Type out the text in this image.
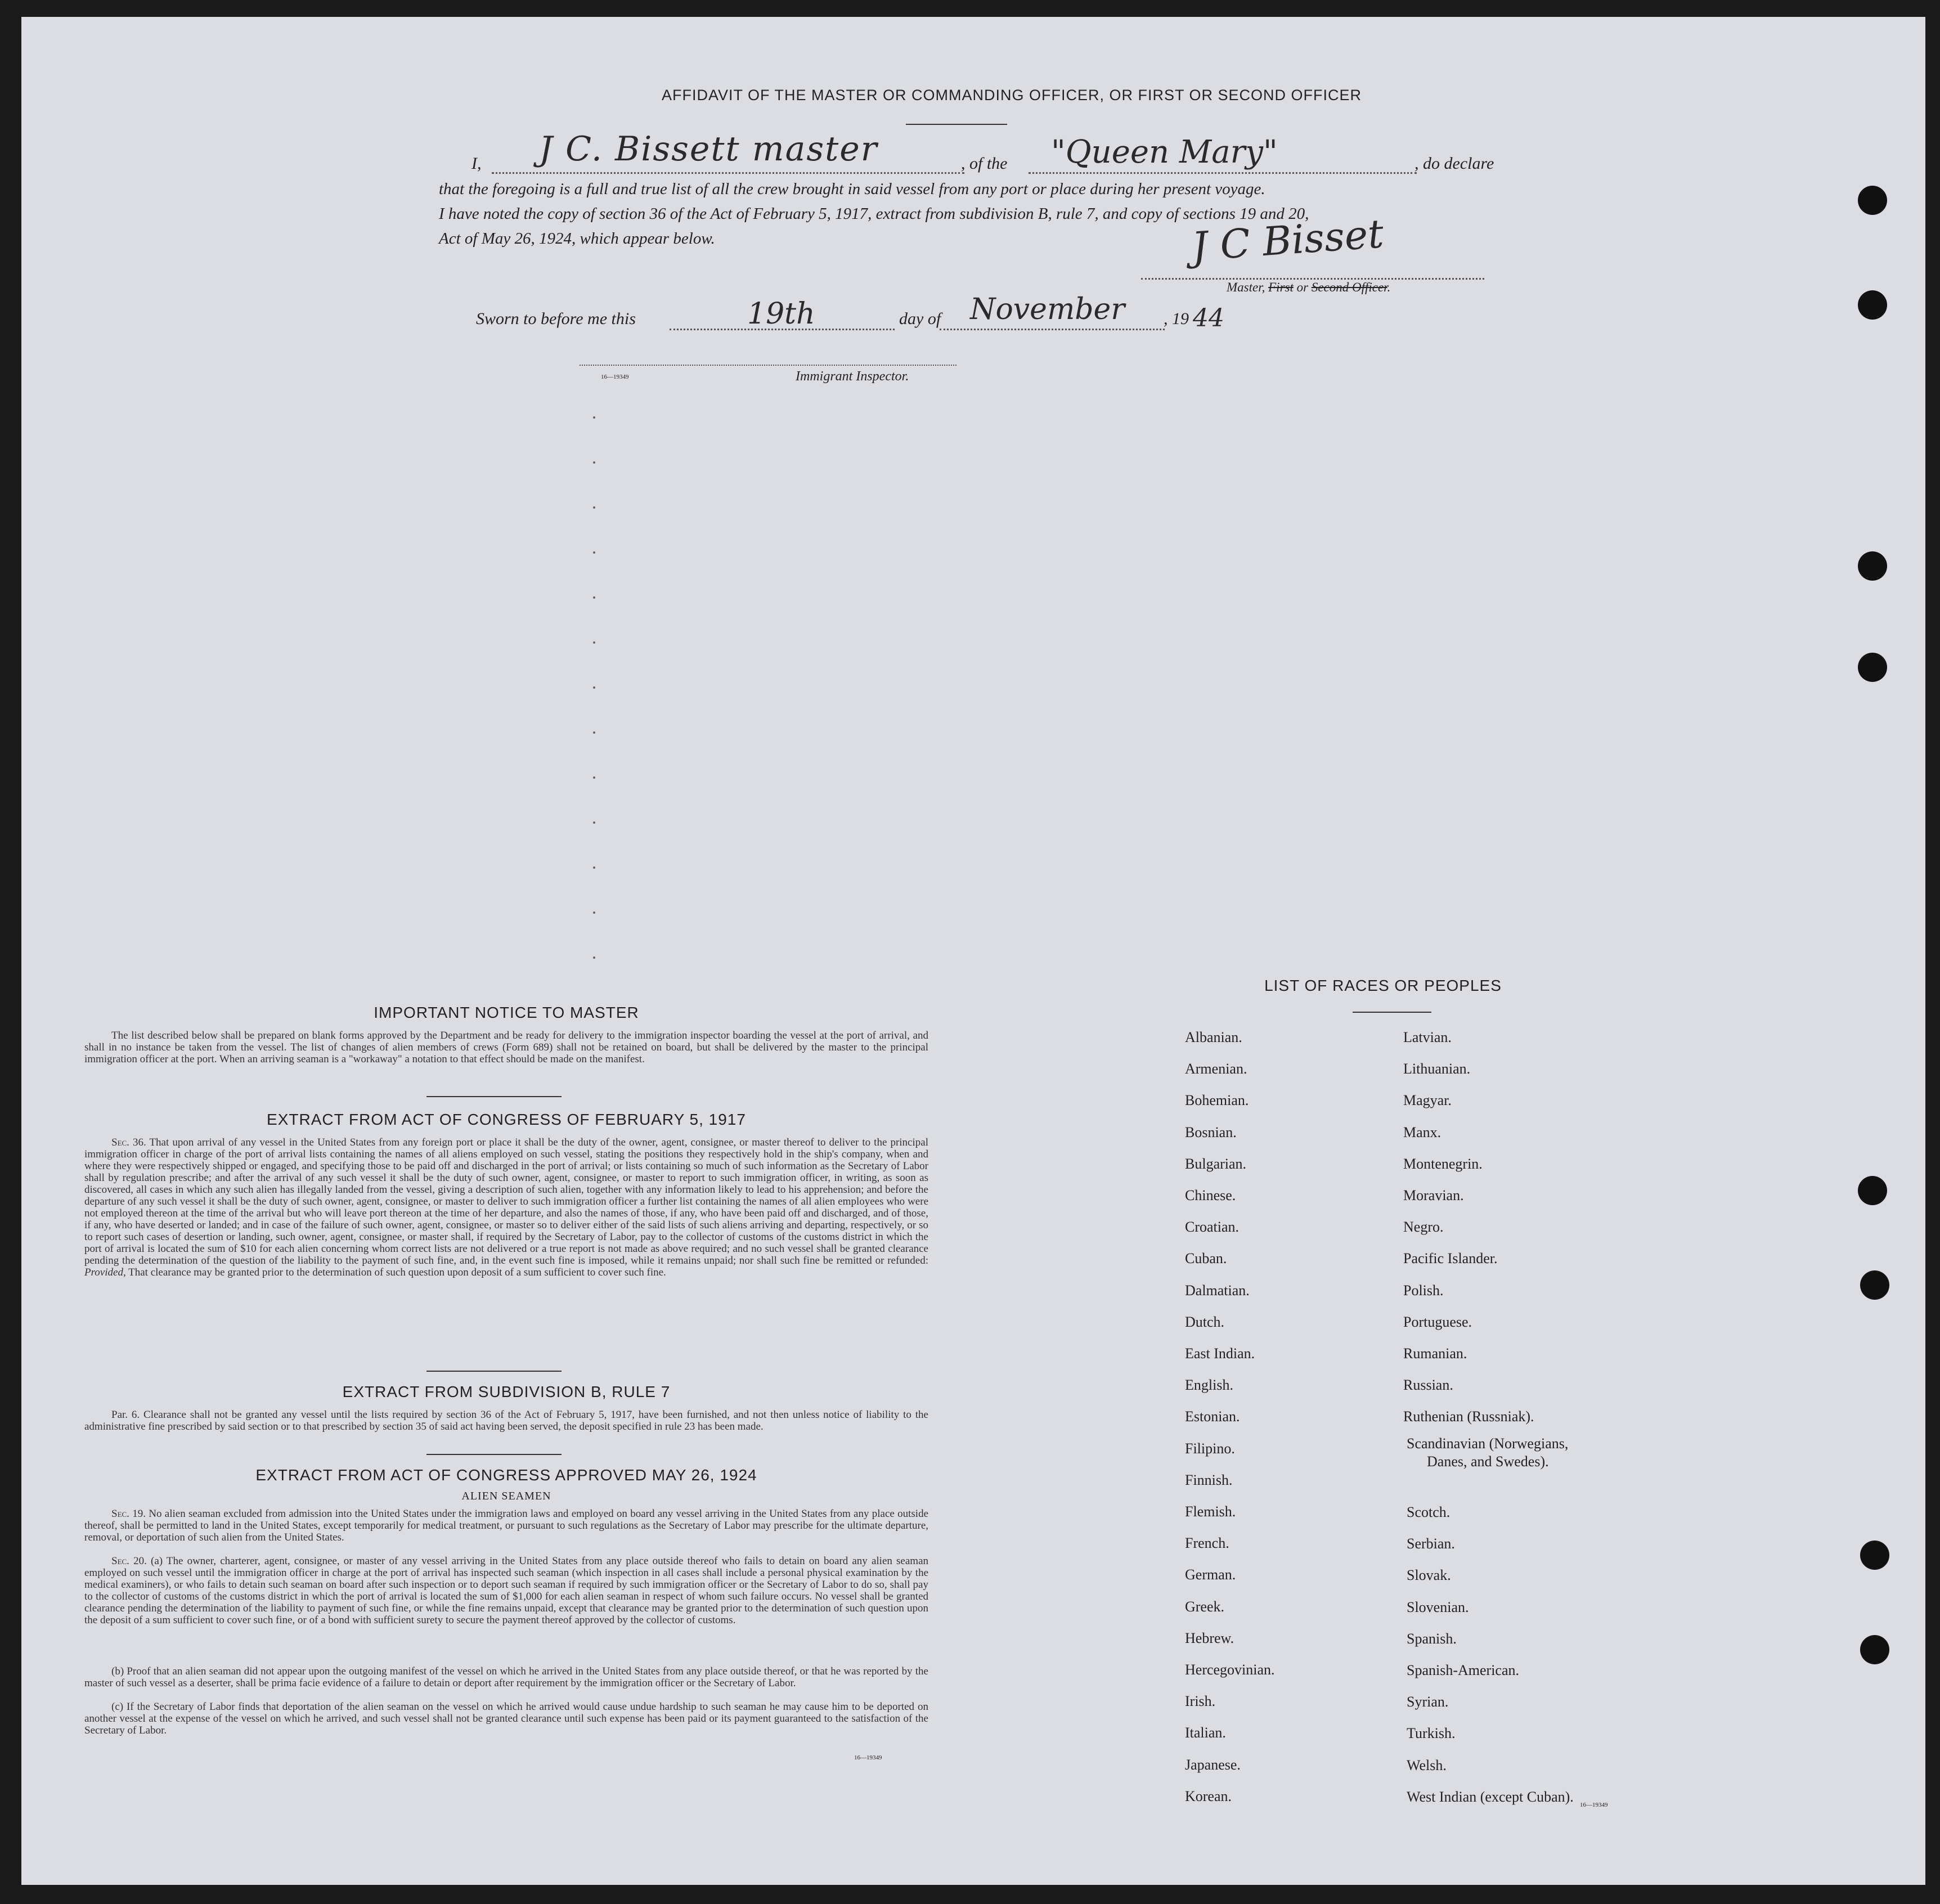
AFFIDAVIT OF THE MASTER OR COMMANDING OFFICER, OR FIRST OR SECOND OFFICER
I, J C. Bissett master	, of the "Queen Mary"	, do declare
that the foregoing is a full and true list of all the crew brought in said vessel from any port or place during her present voyage.
I have noted the copy of section 36 of the Act of February 5, 1917, extract from subdivision B, rule 7, and copy of sections 19 and 20,
Act of May 26, 1924, which appear below.	J C Bisset
Master, First or Second Officer.
Sworn to before me this	19th	day of November , 19 44
16—19349	Immigrant Inspector.
IMPORTANT NOTICE TO MASTER
The list described below shall be prepared on blank forms approved by the Department and be ready for delivery to the immigration inspector boarding the vessel at the port of arrival, and shall in no instance be taken from the vessel. The list of changes of alien members of crews (Form 689) shall not be retained on board, but shall be delivered by the master to the principal immigration officer at the port. When an arriving seaman is a "workaway" a notation to that effect should be made on the manifest.
EXTRACT FROM ACT OF CONGRESS OF FEBRUARY 5, 1917
Sec. 36. That upon arrival of any vessel in the United States from any foreign port or place it shall be the duty of the owner, agent, consignee, or master thereof to deliver to the principal immigration officer in charge of the port of arrival lists containing the names of all aliens employed on such vessel, stating the positions they respectively hold in the ship's company, when and where they were respectively shipped or engaged, and specifying those to be paid off and discharged in the port of arrival; or lists containing so much of such information as the Secretary of Labor shall by regulation prescribe; and after the arrival of any such vessel it shall be the duty of such owner, agent, consignee, or master to report to such immigration officer, in writing, as soon as discovered, all cases in which any such alien has illegally landed from the vessel, giving a description of such alien, together with any information likely to lead to his apprehension; and before the departure of any such vessel it shall be the duty of such owner, agent, consignee, or master to deliver to such immigration officer a further list containing the names of all alien employees who were not employed thereon at the time of the arrival but who will leave port thereon at the time of her departure, and also the names of those, if any, who have been paid off and discharged, and of those, if any, who have deserted or landed; and in case of the failure of such owner, agent, consignee, or master so to deliver either of the said lists of such aliens arriving and departing, respectively, or so to report such cases of desertion or landing, such owner, agent, consignee, or master shall, if required by the Secretary of Labor, pay to the collector of customs of the customs district in which the port of arrival is located the sum of $10 for each alien concerning whom correct lists are not delivered or a true report is not made as above required; and no such vessel shall be granted clearance pending the determination of the question of the liability to the payment of such fine, and, in the event such fine is imposed, while it remains unpaid; nor shall such fine be remitted or refunded: Provided, That clearance may be granted prior to the determination of such question upon deposit of a sum sufficient to cover such fine.
EXTRACT FROM SUBDIVISION B, RULE 7
Par. 6. Clearance shall not be granted any vessel until the lists required by section 36 of the Act of February 5, 1917, have been furnished, and not then unless notice of liability to the administrative fine prescribed by said section or to that prescribed by section 35 of said act having been served, the deposit specified in rule 23 has been made.
EXTRACT FROM ACT OF CONGRESS APPROVED MAY 26, 1924
ALIEN SEAMEN
Sec. 19. No alien seaman excluded from admission into the United States under the immigration laws and employed on board any vessel arriving in the United States from any place outside thereof, shall be permitted to land in the United States, except temporarily for medical treatment, or pursuant to such regulations as the Secretary of Labor may prescribe for the ultimate departure, removal, or deportation of such alien from the United States.
Sec. 20. (a) The owner, charterer, agent, consignee, or master of any vessel arriving in the United States from any place outside thereof who fails to detain on board any alien seaman employed on such vessel until the immigration officer in charge at the port of arrival has inspected such seaman (which inspection in all cases shall include a personal physical examination by the medical examiners), or who fails to detain such seaman on board after such inspection or to deport such seaman if required by such immigration officer or the Secretary of Labor to do so, shall pay to the collector of customs of the customs district in which the port of arrival is located the sum of $1,000 for each alien seaman in respect of whom such failure occurs. No vessel shall be granted clearance pending the determination of the liability to payment of such fine, or while the fine remains unpaid, except that clearance may be granted prior to the determination of such question upon the deposit of a sum sufficient to cover such fine, or of a bond with sufficient surety to secure the payment thereof approved by the collector of customs.
(b) Proof that an alien seaman did not appear upon the outgoing manifest of the vessel on which he arrived in the United States from any place outside thereof, or that he was reported by the master of such vessel as a deserter, shall be prima facie evidence of a failure to detain or deport after requirement by the immigration officer or the Secretary of Labor.
(c) If the Secretary of Labor finds that deportation of the alien seaman on the vessel on which he arrived would cause undue hardship to such seaman he may cause him to be deported on another vessel at the expense of the vessel on which he arrived, and such vessel shall not be granted clearance until such expense has been paid or its payment guaranteed to the satisfaction of the Secretary of Labor.
16—19349
LIST OF RACES OR PEOPLES
Albanian.
Armenian.
Bohemian.
Bosnian.
Bulgarian.
Chinese.
Croatian.
Cuban.
Dalmatian.
Dutch.
East Indian.
English.
Estonian.
Filipino.
Finnish.
Flemish.
French.
German.
Greek.
Hebrew.
Hercegovinian.
Irish.
Italian.
Japanese.
Korean.
Latvian.
Lithuanian.
Magyar.
Manx.
Montenegrin.
Moravian.
Negro.
Pacific Islander.
Polish.
Portuguese.
Rumanian.
Russian.
Ruthenian (Russniak).
Scandinavian (Norwegians,
Danes, and Swedes).
Scotch.
Serbian.
Slovak.
Slovenian.
Spanish.
Spanish-American.
Syrian.
Turkish.
Welsh.
West Indian (except Cuban).
16—19349
